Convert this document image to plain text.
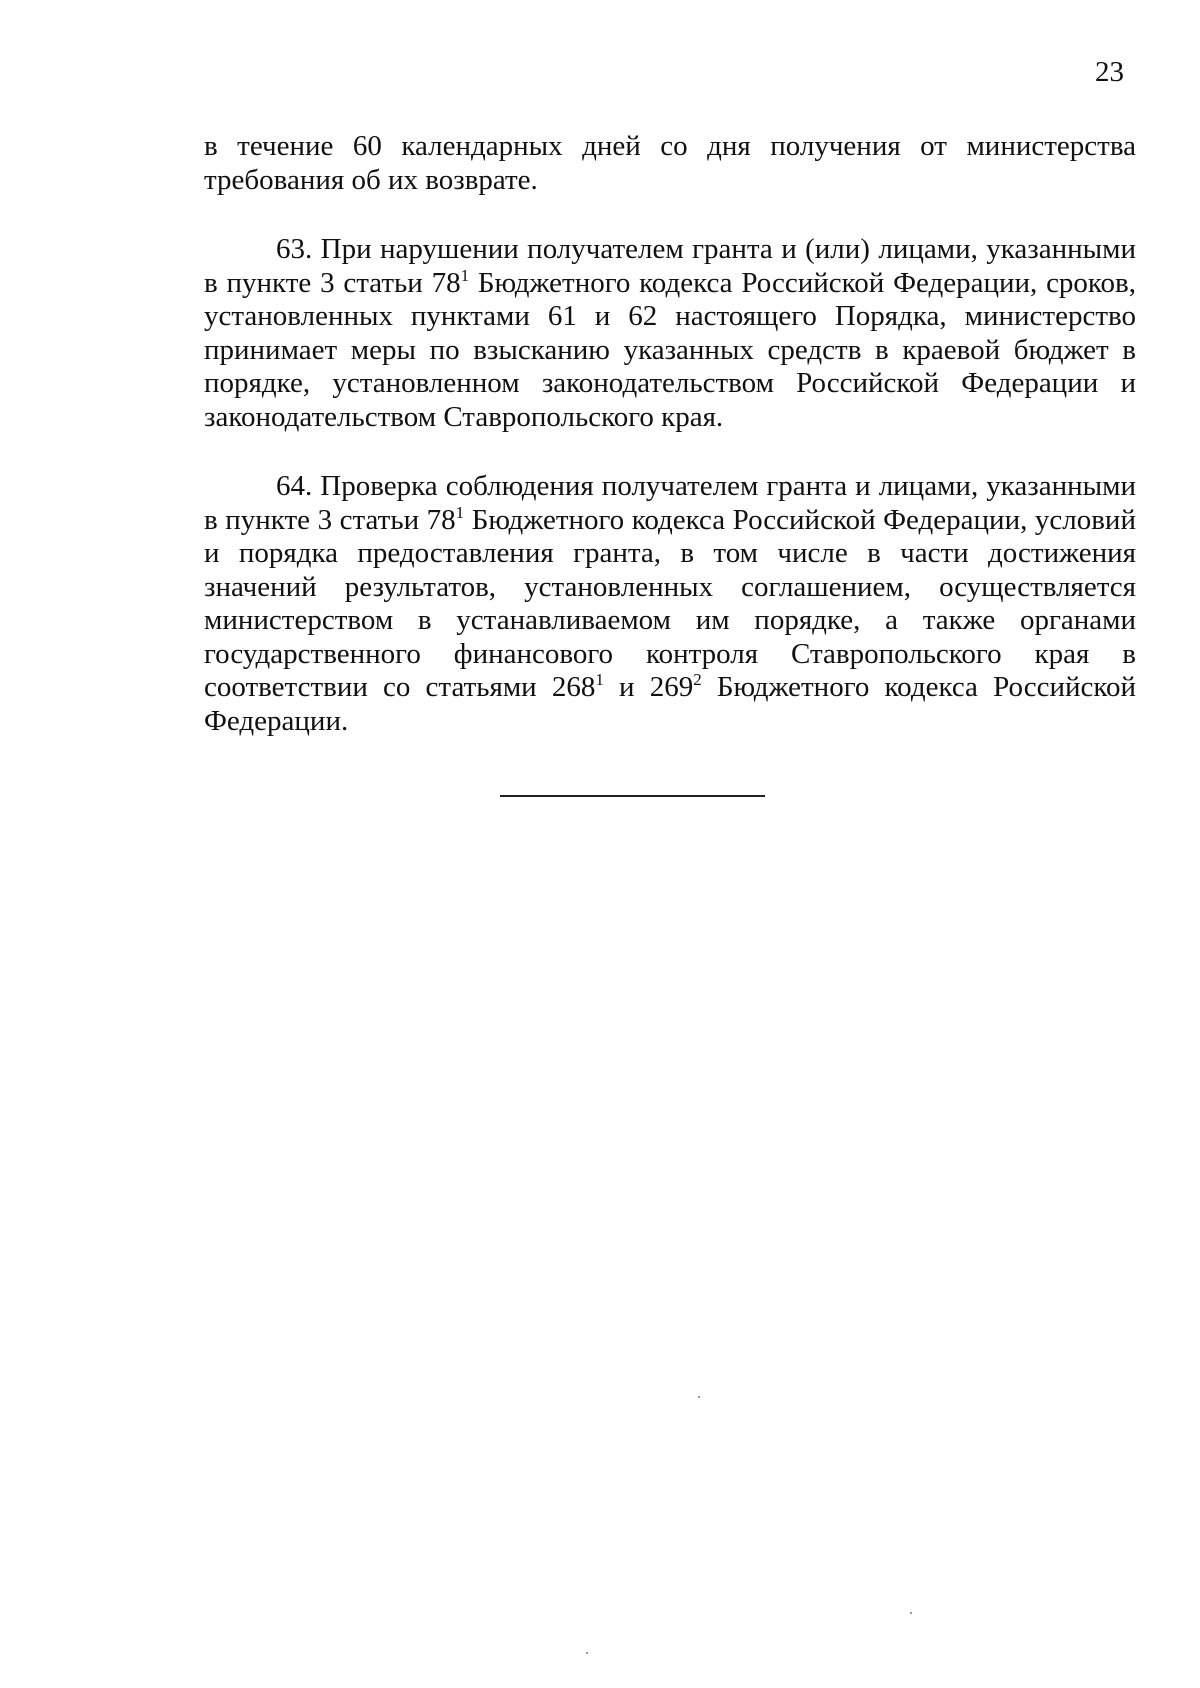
23

в течение 60 календарных дней со дня получения от министерства требования об их возврате.

63. При нарушении получателем гранта и (или) лицами, указанными в пункте 3 статьи $78^1$ Бюджетного кодекса Российской Федерации, сроков, установленных пунктами 61 и 62 настоящего Порядка, министерство принимает меры по взысканию указанных средств в краевой бюджет в порядке, установленном законодательством Российской Федерации и законодательством Ставропольского края.

64. Проверка соблюдения получателем гранта и лицами, указанными в пункте 3 статьи $78^1$ Бюджетного кодекса Российской Федерации, условий и порядка предоставления гранта, в том числе в части достижения значений результатов, установленных соглашением, осуществляется министерством в устанавливаемом им порядке, а также органами государственного финансового контроля Ставропольского края в соответствии со статьями $268^1$ и $269^2$ Бюджетного кодекса Российской Федерации.
